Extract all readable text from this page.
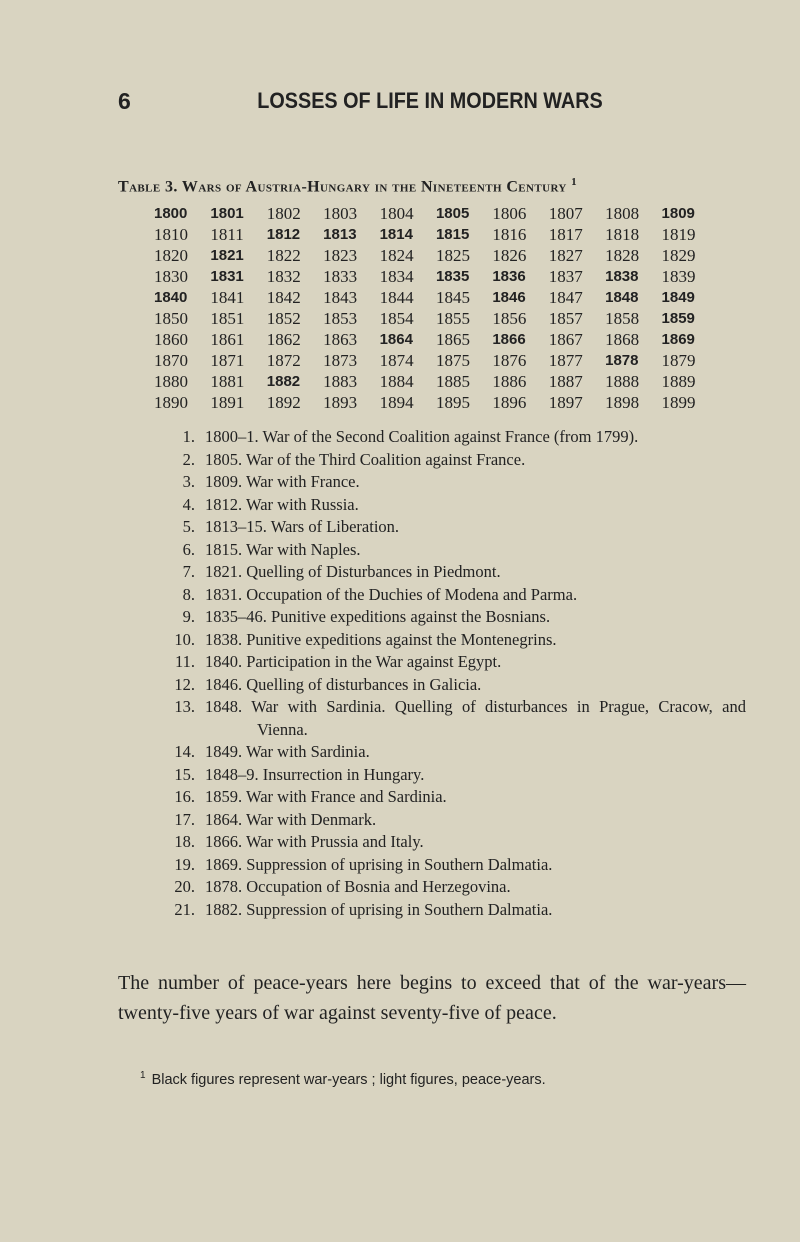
6	LOSSES OF LIFE IN MODERN WARS
Table 3. Wars of Austria-Hungary in the Nineteenth Century $^1$
1800	1801	1802	1803	1804	1805	1806	1807	1808	1809
1810	1811	1812	1813	1814	1815	1816	1817	1818	1819
1820	1821	1822	1823	1824	1825	1826	1827	1828	1829
1830	1831	1832	1833	1834	1835	1836	1837	1838	1839
1840	1841	1842	1843	1844	1845	1846	1847	1848	1849
1850	1851	1852	1853	1854	1855	1856	1857	1858	1859
1860	1861	1862	1863	1864	1865	1866	1867	1868	1869
1870	1871	1872	1873	1874	1875	1876	1877	1878	1879
1880	1881	1882	1883	1884	1885	1886	1887	1888	1889
1890	1891	1892	1893	1894	1895	1896	1897	1898	1899
1. 1800–1. War of the Second Coalition against France (from 1799).
2. 1805. War of the Third Coalition against France.
3. 1809. War with France.
4. 1812. War with Russia.
5. 1813–15. Wars of Liberation.
6. 1815. War with Naples.
7. 1821. Quelling of Disturbances in Piedmont.
8. 1831. Occupation of the Duchies of Modena and Parma.
9. 1835–46. Punitive expeditions against the Bosnians.
10. 1838. Punitive expeditions against the Montenegrins.
11. 1840. Participation in the War against Egypt.
12. 1846. Quelling of disturbances in Galicia.
13. 1848. War with Sardinia. Quelling of disturbances in Prague, Cracow, and Vienna.
14. 1849. War with Sardinia.
15. 1848–9. Insurrection in Hungary.
16. 1859. War with France and Sardinia.
17. 1864. War with Denmark.
18. 1866. War with Prussia and Italy.
19. 1869. Suppression of uprising in Southern Dalmatia.
20. 1878. Occupation of Bosnia and Herzegovina.
21. 1882. Suppression of uprising in Southern Dalmatia.
The number of peace-years here begins to exceed that of the war-years—twenty-five years of war against seventy-five of peace.
$^1$ Black figures represent war-years ; light figures, peace-years.
